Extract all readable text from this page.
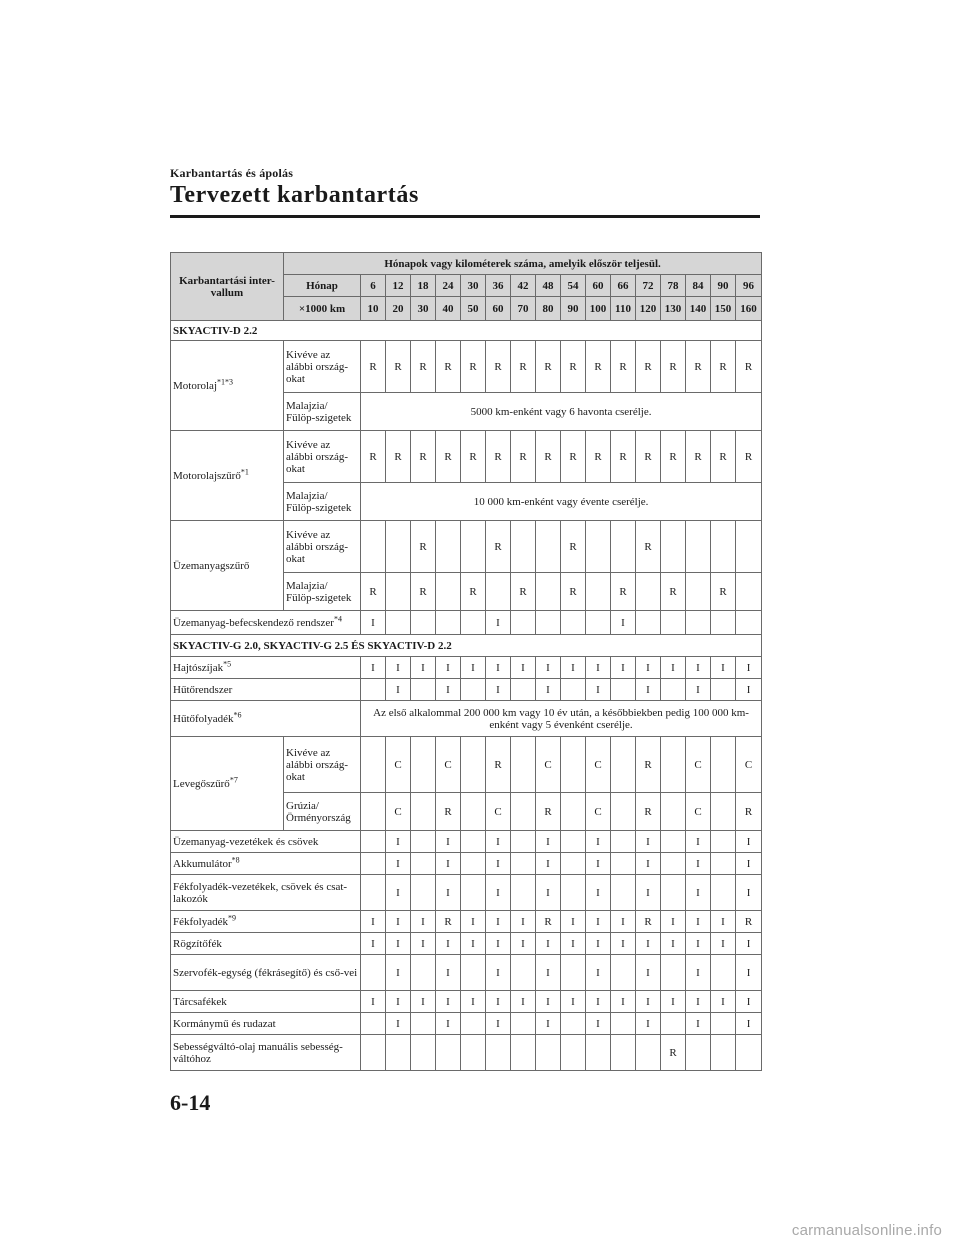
Karbantartás és ápolás
Tervezett karbantartás
Karbantartási inter-vallum	Hónapok vagy kilométerek száma, amelyik először teljesül.																
	Hónap	6	12	18	24	30	36	42	48	54	60	66	72	78	84	90	96
	×1000 km	10	20	30	40	50	60	70	80	90	100	110	120	130	140	150	160
SKYACTIV-D 2.2																	
Motorolaj$^{*1*3}$	Kivéve az alábbi ország-okat	R	R	R	R	R	R	R	R	R	R	R	R	R	R	R	R
	Malajzia/ Fülöp-szigetek	5000 km-enként vagy 6 havonta cserélje.															
Motorolajszűrő$^{*1}$	Kivéve az alábbi ország-okat	R	R	R	R	R	R	R	R	R	R	R	R	R	R	R	R
	Malajzia/ Fülöp-szigetek	10 000 km-enként vagy évente cserélje.															
Üzemanyagszűrő	Kivéve az alábbi ország-okat			R			R			R			R				
	Malajzia/ Fülöp-szigetek	R		R		R		R		R		R		R		R	
Üzemanyag-befecskendező rendszer$^{*4}$		I					I					I					
SKYACTIV-G 2.0, SKYACTIV-G 2.5 ÉS SKYACTIV-D 2.2																	
Hajtószíjak$^{*5}$		I	I	I	I	I	I	I	I	I	I	I	I	I	I	I	I
Hűtőrendszer			I		I		I		I		I		I		I		I
Hűtőfolyadék$^{*6}$		Az első alkalommal 200 000 km vagy 10 év után, a későbbiekben pedig 100 000 km-enként vagy 5 évenként cserélje.															
Levegőszűrő$^{*7}$	Kivéve az alábbi ország-okat		C		C		R		C		C		R		C		C
	Grúzia/ Örményország		C		R		C		R		C		R		C		R
Üzemanyag-vezetékek és csövek			I		I		I		I		I		I		I		I
Akkumulátor$^{*8}$			I		I		I		I		I		I		I		I
Fékfolyadék-vezetékek, csövek és csat-lakozók			I		I		I		I		I		I		I		I
Fékfolyadék$^{*9}$		I	I	I	R	I	I	I	R	I	I	I	R	I	I	I	R
Rögzítőfék		I	I	I	I	I	I	I	I	I	I	I	I	I	I	I	I
Szervofék-egység (fékrásegítő) és cső-vei			I		I		I		I		I		I		I		I
Tárcsafékek		I	I	I	I	I	I	I	I	I	I	I	I	I	I	I	I
Kormánymű és rudazat			I		I		I		I		I		I		I		I
Sebességváltó-olaj manuális sebesség-váltóhoz														R			
6-14
carmanualsonline.info
